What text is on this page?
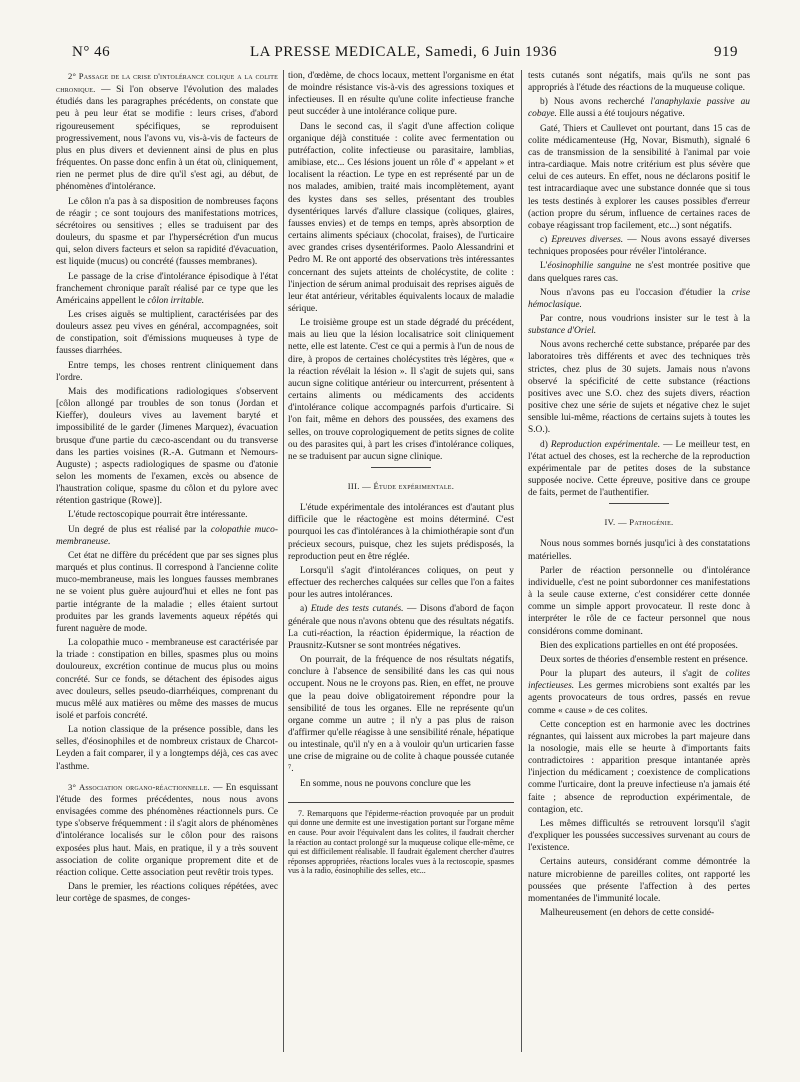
N° 46	LA PRESSE MEDICALE, Samedi, 6 Juin 1936	919

2° Passage de la crise d'intolérance colique a la colite chronique. — Si l'on observe l'évolution des malades étudiés dans les paragraphes précédents, on constate que peu à peu leur état se modifie : leurs crises, d'abord rigoureusement spécifiques, se reproduisent progressivement, nous l'avons vu, vis-à-vis de facteurs de plus en plus divers et deviennent ainsi de plus en plus fréquentes. On passe donc enfin à un état où, cliniquement, rien ne permet plus de dire qu'il s'est agi, au début, de phénomènes d'intolérance.

Le côlon n'a pas à sa disposition de nombreuses façons de réagir ; ce sont toujours des manifestations motrices, sécrétoires ou sensitives ; elles se traduisent par des douleurs, du spasme et par l'hypersécrétion d'un mucus qui, selon divers facteurs et selon sa rapidité d'évacuation, est liquide (mucus) ou concrété (fausses membranes).

Le passage de la crise d'intolérance épisodique à l'état franchement chronique paraît réalisé par ce type que les Américains appellent le côlon irritable.

Les crises aiguës se multiplient, caractérisées par des douleurs assez peu vives en général, accompagnées, soit de constipation, soit d'émissions muqueuses à type de fausses diarrhées.

Entre temps, les choses rentrent cliniquement dans l'ordre.

Mais des modifications radiologiques s'observent [côlon allongé par troubles de son tonus (Jordan et Kieffer), douleurs vives au lavement baryté et impossibilité de le garder (Jimenes Marquez), évacuation brusque d'une partie du cæco-ascendant ou du transverse dans les parties voisines (R.-A. Gutmann et Nemours-Auguste) ; aspects radiologiques de spasme ou d'atonie selon les moments de l'examen, excès ou absence de l'haustration colique, spasme du côlon et du pylore avec rétention gastrique (Rowe)].

L'étude rectoscopique pourrait être intéressante.

Un degré de plus est réalisé par la colopathie muco-membraneuse.

Cet état ne diffère du précédent que par ses signes plus marqués et plus continus. Il correspond à l'ancienne colite muco-membraneuse, mais les longues fausses membranes ne se voient plus guère aujourd'hui et elles ne font pas partie intégrante de la maladie ; elles étaient surtout produites par les grands lavements aqueux répétés qui furent naguère de mode.

La colopathie muco - membraneuse est caractérisée par la triade : constipation en billes, spasmes plus ou moins douloureux, excrétion continue de mucus plus ou moins concrété. Sur ce fonds, se détachent des épisodes aigus avec douleurs, selles pseudo-diarrhéiques, comprenant du mucus mêlé aux matières ou même des masses de mucus isolé et parfois concrété.

La notion classique de la présence possible, dans les selles, d'éosinophiles et de nombreux cristaux de Charcot-Leyden a fait comparer, il y a longtemps déjà, ces cas avec l'asthme.

3° Association organo-réactionnelle. — En esquissant l'étude des formes précédentes, nous nous avons envisagées comme des phénomènes réactionnels purs. Ce type s'observe fréquemment : il s'agit alors de phénomènes d'intolérance localisés sur le côlon pour des raisons exposées plus haut. Mais, en pratique, il y a très souvent association de colite organique proprement dite et de réaction colique. Cette association peut revêtir trois types.

Dans le premier, les réactions coliques répétées, avec leur cortège de spasmes, de conges-

tion, d'œdème, de chocs locaux, mettent l'organisme en état de moindre résistance vis-à-vis des agressions toxiques et infectieuses. Il en résulte qu'une colite infectieuse franche peut succéder à une intolérance colique pure.

Dans le second cas, il s'agit d'une affection colique organique déjà constituée : colite avec fermentation ou putréfaction, colite infectieuse ou parasitaire, lamblias, amibiase, etc... Ces lésions jouent un rôle d' « appelant » et localisent la réaction. Le type en est représenté par un de nos malades, amibien, traité mais incomplètement, ayant des kystes dans ses selles, présentant des troubles dysentériques larvés d'allure classique (coliques, glaires, fausses envies) et de temps en temps, après absorption de certains aliments spéciaux (chocolat, fraises), de l'urticaire avec grandes crises dysentériformes. Paolo Alessandrini et Pedro M. Re ont apporté des observations très intéressantes concernant des sujets atteints de cholécystite, de colite : l'injection de sérum animal produisait des reprises aiguës de leur état antérieur, véritables équivalents locaux de maladie sérique.

Le troisième groupe est un stade dégradé du précédent, mais au lieu que la lésion localisatrice soit cliniquement nette, elle est latente. C'est ce qui a permis à l'un de nous de dire, à propos de certaines cholécystites très légères, que « la réaction révélait la lésion ». Il s'agit de sujets qui, sans aucun signe colitique antérieur ou intercurrent, présentent à certains aliments ou médicaments des accidents d'intolérance colique accompagnés parfois d'urticaire. Si l'on fait, même en dehors des poussées, des examens des selles, on trouve coprologiquement de petits signes de colite ou des parasites qui, à part les crises d'intolérance coliques, ne se traduisent par aucun signe clinique.

III. — Étude expérimentale.

L'étude expérimentale des intolérances est d'autant plus difficile que le réactogène est moins déterminé. C'est pourquoi les cas d'intolérances à la chimiothérapie sont d'un précieux secours, puisque, chez les sujets prédisposés, la reproduction peut en être réglée.

Lorsqu'il s'agit d'intolérances coliques, on peut y effectuer des recherches calquées sur celles que l'on a faites pour les autres intolérances.

a) Etude des tests cutanés. — Disons d'abord de façon générale que nous n'avons obtenu que des résultats négatifs. La cuti-réaction, la réaction épidermique, la réaction de Prausnitz-Kutsner se sont montrées négatives.

On pourrait, de la fréquence de nos résultats négatifs, conclure à l'absence de sensibilité dans les cas qui nous occupent. Nous ne le croyons pas. Rien, en effet, ne prouve que la peau doive obligatoirement répondre pour la sensibilité de tous les organes. Elle ne représente qu'un organe comme un autre ; il n'y a pas plus de raison d'affirmer qu'elle réagisse à une sensibilité rénale, hépatique ou intestinale, qu'il n'y en a à vouloir qu'un urticarien fasse une crise de migraine ou de colite à chaque poussée cutanée ⁷.

En somme, nous ne pouvons conclure que les

7. Remarquons que l'épiderme-réaction provoquée par un produit qui donne une dermite est une investigation portant sur l'organe même en cause. Pour avoir l'équivalent dans les colites, il faudrait chercher la réaction au contact prolongé sur la muqueuse colique elle-même, ce qui est difficilement réalisable. Il faudrait également chercher d'autres réponses appropriées, réactions locales vues à la rectoscopie, spasmes vus à la radio, éosinophilie des selles, etc...

tests cutanés sont négatifs, mais qu'ils ne sont pas appropriés à l'étude des réactions de la muqueuse colique.

b) Nous avons recherché l'anaphylaxie passive au cobaye. Elle aussi a été toujours négative.

Gaté, Thiers et Caullevet ont pourtant, dans 15 cas de colite médicamenteuse (Hg, Novar, Bismuth), signalé 6 cas de transmission de la sensibilité à l'animal par voie intra-cardiaque. Mais notre critérium est plus sévère que celui de ces auteurs. En effet, nous ne déclarons positif le test intracardiaque avec une substance donnée que si tous les tests destinés à explorer les causes possibles d'erreur (action propre du sérum, influence de certaines races de cobaye réagissant trop facilement, etc...) sont négatifs.

c) Epreuves diverses. — Nous avons essayé diverses techniques proposées pour révéler l'intolérance.

L'éosinophilie sanguine ne s'est montrée positive que dans quelques rares cas.

Nous n'avons pas eu l'occasion d'étudier la crise hémoclasique.

Par contre, nous voudrions insister sur le test à la substance d'Oriel.

Nous avons recherché cette substance, préparée par des laboratoires très différents et avec des techniques très strictes, chez plus de 30 sujets. Jamais nous n'avons observé la spécificité de cette substance (réactions positives avec une S.O. chez des sujets divers, réaction positive chez une série de sujets et négative chez le sujet sensible lui-même, réactions de certains sujets à toutes les S.O.).

d) Reproduction expérimentale. — Le meilleur test, en l'état actuel des choses, est la recherche de la reproduction expérimentale par de petites doses de la substance supposée nocive. Cette épreuve, positive dans ce groupe de faits, permet de l'authentifier.

IV. — Pathogénie.

Nous nous sommes bornés jusqu'ici à des constatations matérielles.

Parler de réaction personnelle ou d'intolérance individuelle, c'est ne point subordonner ces manifestations à la seule cause externe, c'est considérer cette donnée comme un simple apport provocateur. Il reste donc à interpréter le rôle de ce facteur personnel que nous considérons comme dominant.

Bien des explications partielles en ont été proposées.

Deux sortes de théories d'ensemble restent en présence.

Pour la plupart des auteurs, il s'agit de colites infectieuses. Les germes microbiens sont exaltés par les agents provocateurs de tous ordres, passés en revue comme « cause » de ces colites.

Cette conception est en harmonie avec les doctrines régnantes, qui laissent aux microbes la part majeure dans la nosologie, mais elle se heurte à d'importants faits contradictoires : apparition presque intantanée après l'injection du médicament ; coexistence de complications comme l'urticaire, dont la preuve infectieuse n'a jamais été faite ; absence de reproduction expérimentale, de contagion, etc.

Les mêmes difficultés se retrouvent lorsqu'il s'agit d'expliquer les poussées successives survenant au cours de l'existence.

Certains auteurs, considérant comme démontrée la nature microbienne de pareilles colites, ont rapporté les poussées que présente l'affection à des pertes momentanées de l'immunité locale.

Malheureusement (en dehors de cette considé-
